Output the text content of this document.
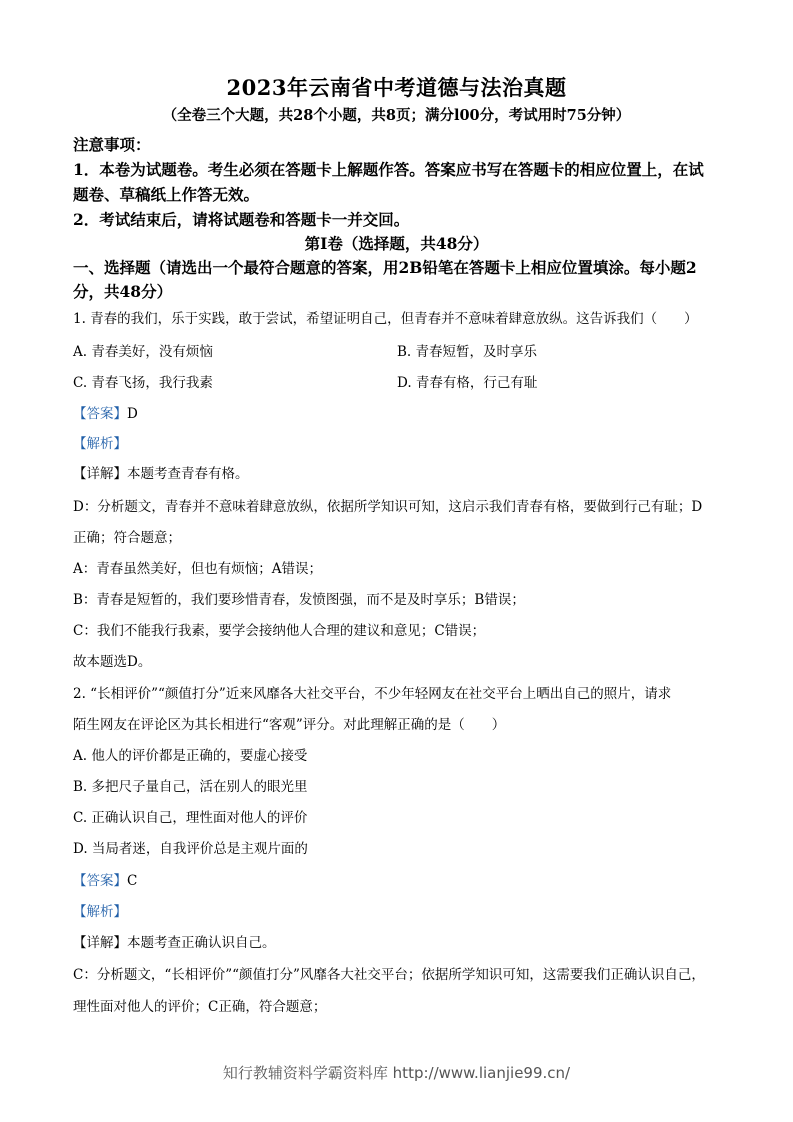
2023年云南省中考道德与法治真题
（全卷三个大题，共28个小题，共8页；满分l00分，考试用时75分钟）
注意事项：
1．本卷为试题卷。考生必须在答题卡上解题作答。答案应书写在答题卡的相应位置上，在试
题卷、草稿纸上作答无效。
2．考试结束后，请将试题卷和答题卡一并交回。
第I卷（选择题，共48分）
一、选择题（请选出一个最符合题意的答案，用2B铅笔在答题卡上相应位置填涂。每小题2
分，共48分）
1. 青春的我们，乐于实践，敢于尝试，希望证明自己，但青春并不意味着肆意放纵。这告诉我们（　　）
A. 青春美好，没有烦恼	B. 青春短暂，及时享乐
C. 青春飞扬，我行我素	D. 青春有格，行己有耻
【答案】D
【解析】
【详解】本题考查青春有格。
D：分析题文，青春并不意味着肆意放纵，依据所学知识可知，这启示我们青春有格，要做到行己有耻；D
正确；符合题意；
A：青春虽然美好，但也有烦恼；A错误；
B：青春是短暂的，我们要珍惜青春，发愤图强，而不是及时享乐；B错误；
C：我们不能我行我素，要学会接纳他人合理的建议和意见；C错误；
故本题选D。
2. “长相评价”“颜值打分”近来风靡各大社交平台，不少年轻网友在社交平台上晒出自己的照片，请求
陌生网友在评论区为其长相进行“客观”评分。对此理解正确的是（　　）
A. 他人的评价都是正确的，要虚心接受
B. 多把尺子量自己，活在别人的眼光里
C. 正确认识自己，理性面对他人的评价
D. 当局者迷，自我评价总是主观片面的
【答案】C
【解析】
【详解】本题考查正确认识自己。
C：分析题文，“长相评价”“颜值打分”风靡各大社交平台；依据所学知识可知，这需要我们正确认识自己，
理性面对他人的评价；C正确，符合题意；
知行教辅资料学霸资料库 http://www.lianjie99.cn/
